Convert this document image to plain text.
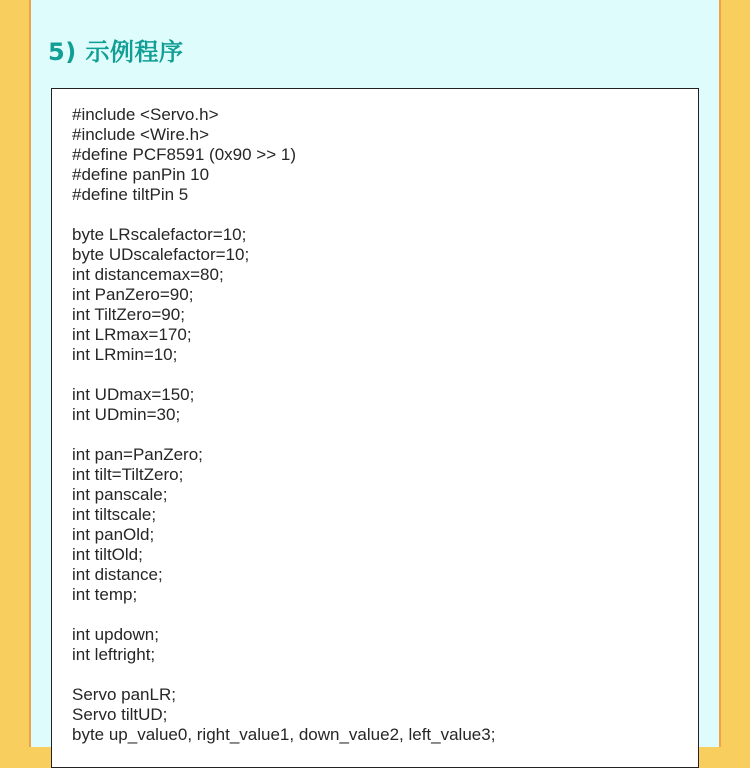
5) 示例程序
#include <Servo.h>
#include <Wire.h>
#define PCF8591 (0x90 >> 1)
#define panPin 10
#define tiltPin 5

byte LRscalefactor=10;
byte UDscalefactor=10;
int distancemax=80;
int PanZero=90;
int TiltZero=90;
int LRmax=170;
int LRmin=10;

int UDmax=150;
int UDmin=30;

int pan=PanZero;
int tilt=TiltZero;
int panscale;
int tiltscale;
int panOld;
int tiltOld;
int distance;
int temp;

int updown;
int leftright;

Servo panLR;
Servo tiltUD;
byte up_value0, right_value1, down_value2, left_value3;
